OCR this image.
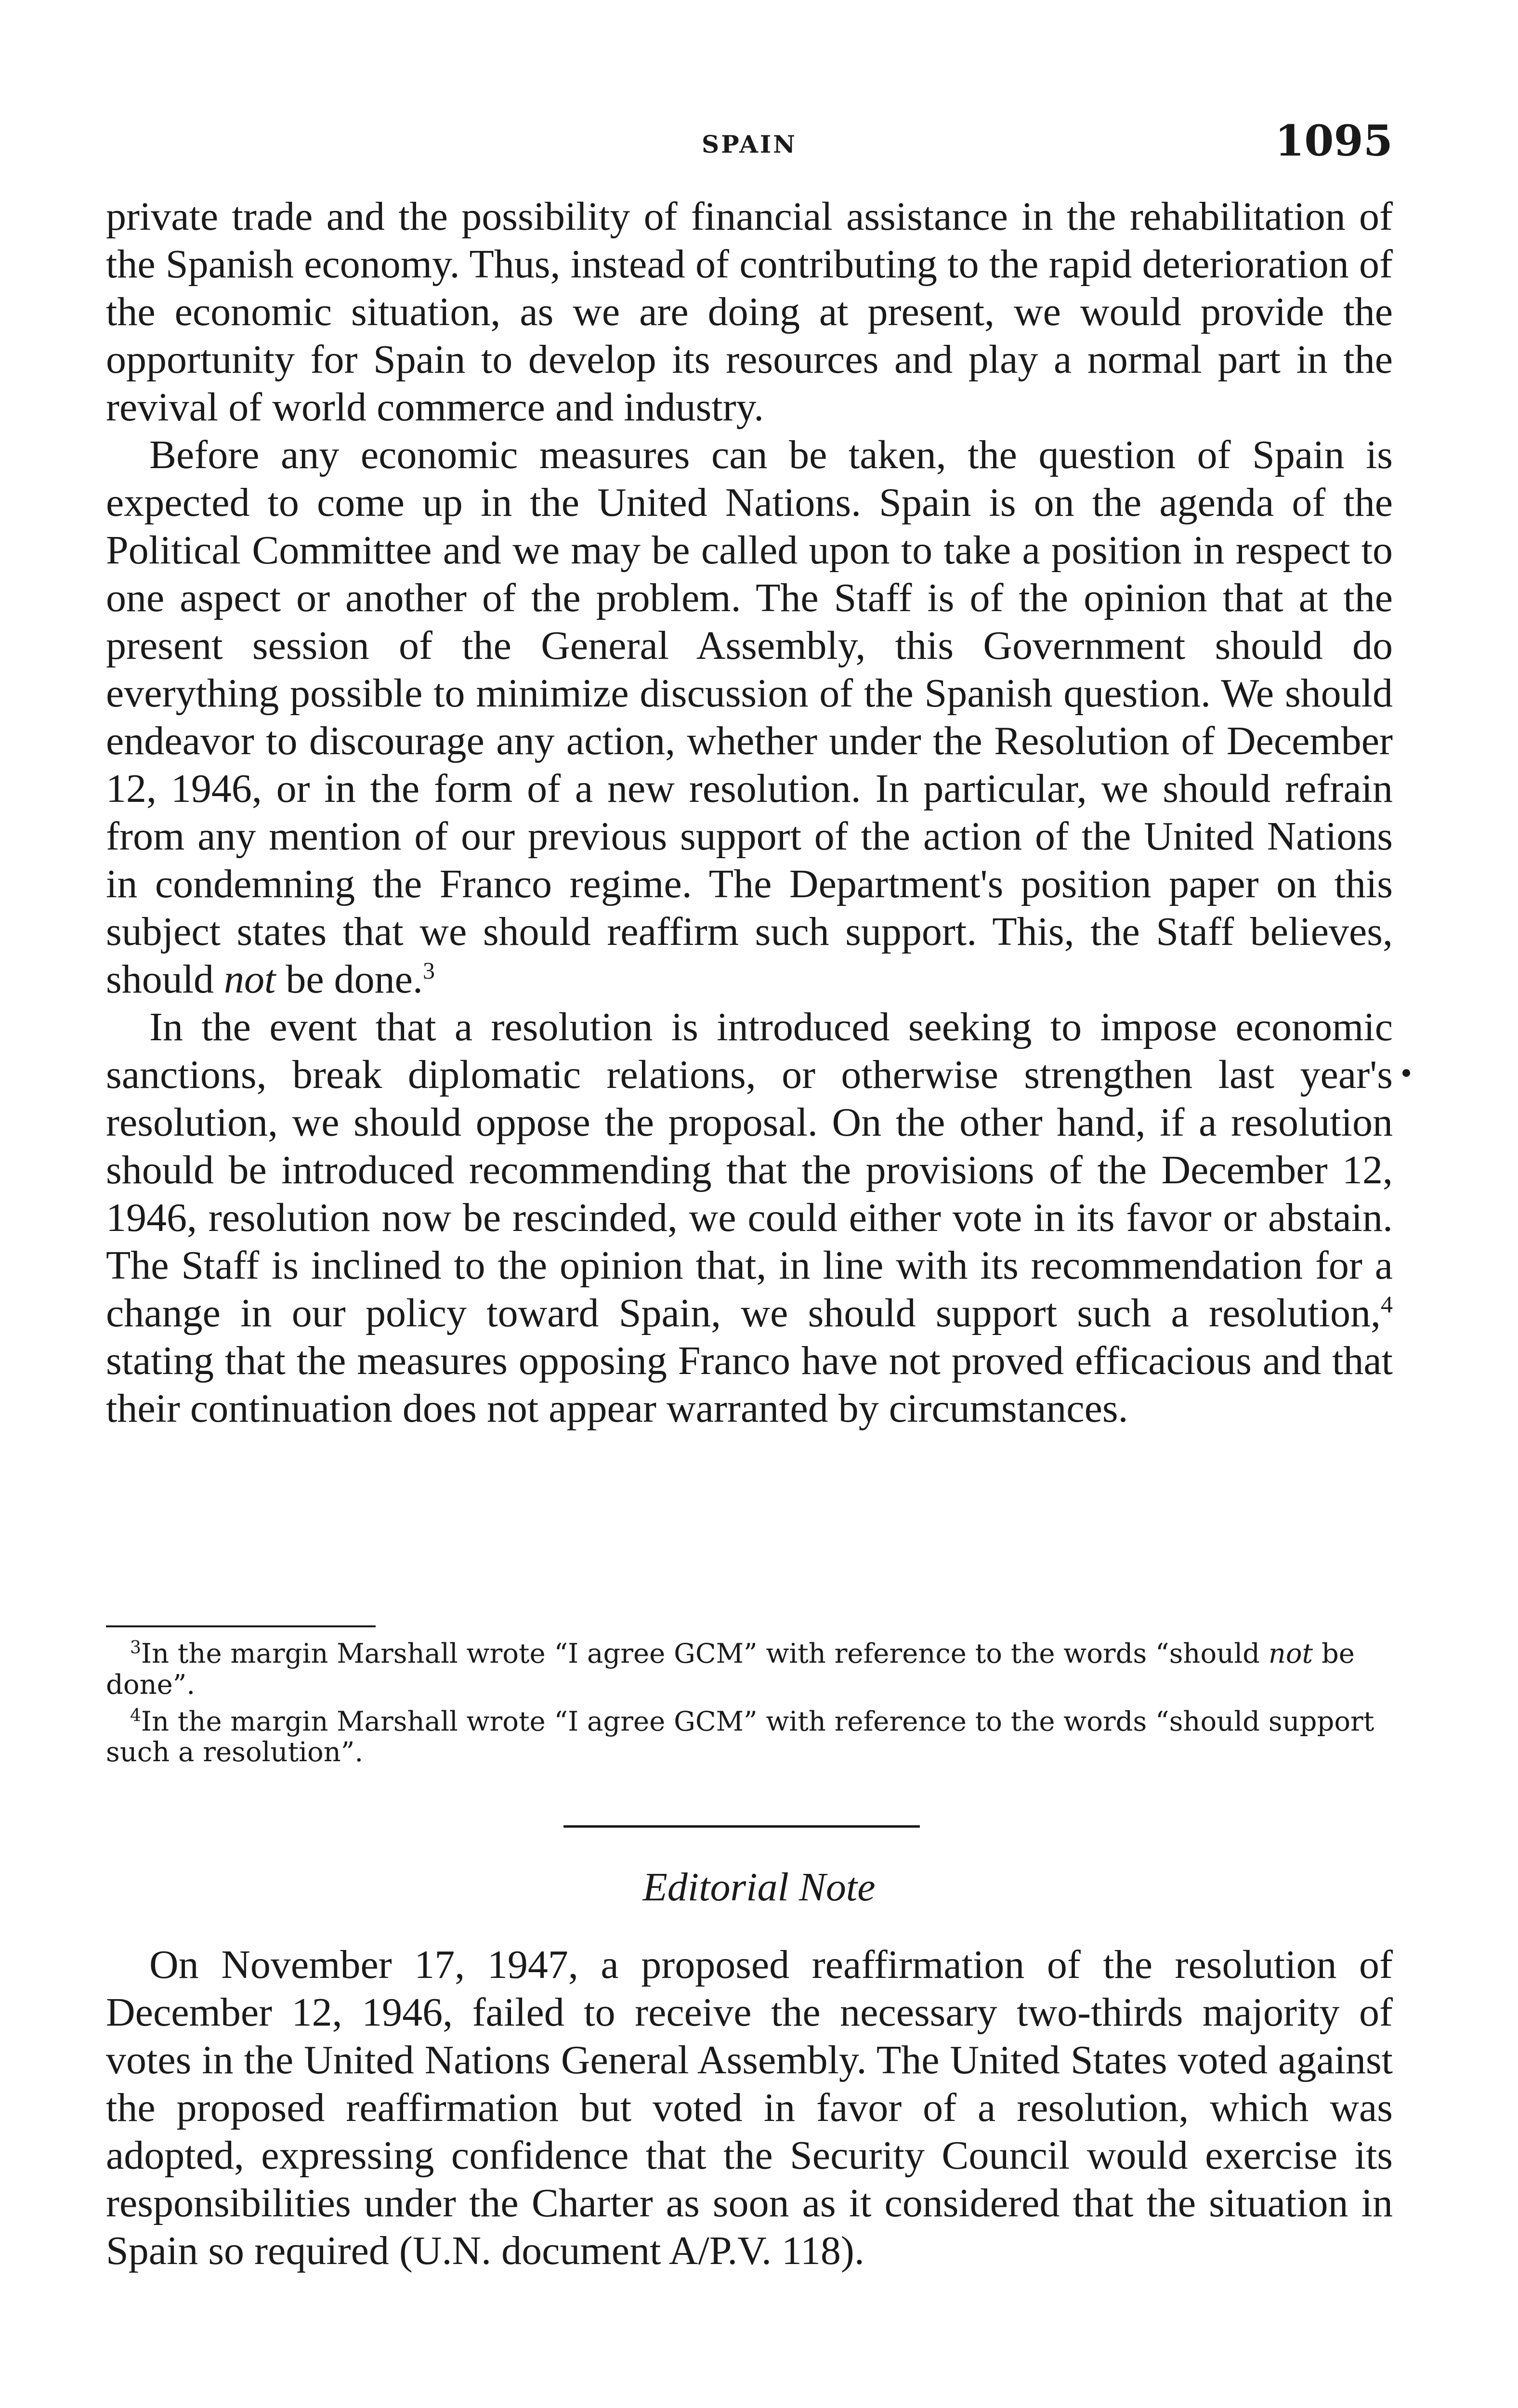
SPAIN	1095

private trade and the possibility of financial assistance in the rehabilitation of the Spanish economy. Thus, instead of contributing to the rapid deterioration of the economic situation, as we are doing at present, we would provide the opportunity for Spain to develop its resources and play a normal part in the revival of world commerce and industry.

Before any economic measures can be taken, the question of Spain is expected to come up in the United Nations. Spain is on the agenda of the Political Committee and we may be called upon to take a position in respect to one aspect or another of the problem. The Staff is of the opinion that at the present session of the General Assembly, this Government should do everything possible to minimize discussion of the Spanish question. We should endeavor to discourage any action, whether under the Resolution of December 12, 1946, or in the form of a new resolution. In particular, we should refrain from any mention of our previous support of the action of the United Nations in condemning the Franco regime. The Department's position paper on this subject states that we should reaffirm such support. This, the Staff believes, should not be done.$^3$

In the event that a resolution is introduced seeking to impose economic sanctions, break diplomatic relations, or otherwise strengthen last year's resolution, we should oppose the proposal. On the other hand, if a resolution should be introduced recommending that the provisions of the December 12, 1946, resolution now be rescinded, we could either vote in its favor or abstain. The Staff is inclined to the opinion that, in line with its recommendation for a change in our policy toward Spain, we should support such a resolution,$^4$ stating that the measures opposing Franco have not proved efficacious and that their continuation does not appear warranted by circumstances.

$^3$In the margin Marshall wrote “I agree GCM” with reference to the words “should not be done”.

$^4$In the margin Marshall wrote “I agree GCM” with reference to the words “should support such a resolution”.

Editorial Note

On November 17, 1947, a proposed reaffirmation of the resolution of December 12, 1946, failed to receive the necessary two-thirds majority of votes in the United Nations General Assembly. The United States voted against the proposed reaffirmation but voted in favor of a resolution, which was adopted, expressing confidence that the Security Council would exercise its responsibilities under the Charter as soon as it considered that the situation in Spain so required (U.N. document A/P.V. 118).
